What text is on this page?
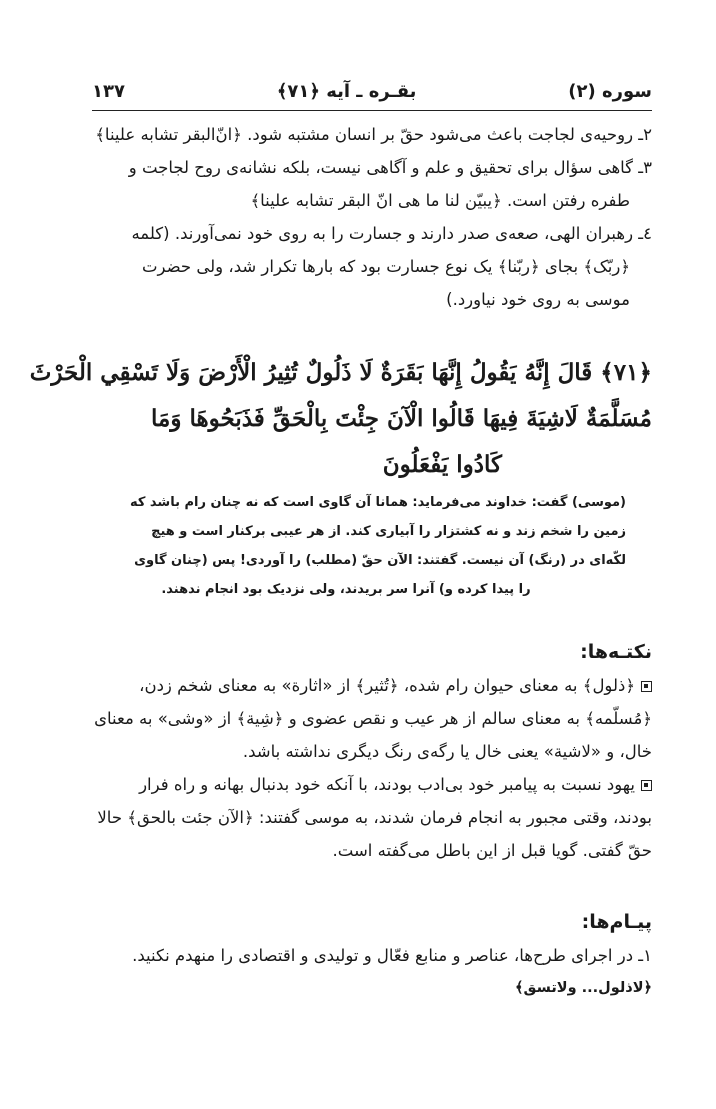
سوره (۲)
بقـره ـ آیه ﴿۷۱﴾
۱۳۷
۲ـ روحیه‌ی لجاجت باعث می‌شود حقّ بر انسان مشتبه شود. ﴿انّ‌البقر تشابه علینا﴾
۳ـ گاهی سؤال برای تحقیق و علم و آگاهی نیست، بلکه نشانه‌ی روح لجاجت و
طفره رفتن است. ﴿یبیّن لنا ما هی انّ البقر تشابه علینا﴾
٤ـ رهبران الهی، صعه‌ی صدر دارند و جسارت را به روی خود نمی‌آورند. (کلمه
﴿ربّک﴾ بجای ﴿ربّنا﴾ یک نوع جسارت بود که بارها تکرار شد، ولی حضرت
موسی به روی خود نیاورد.)
﴿۷۱﴾ قَالَ إِنَّهُ يَقُولُ إِنَّهَا بَقَرَةٌ لَا ذَلُولٌ تُثِيرُ الْأَرْضَ وَلَا تَسْقِي الْحَرْثَ
مُسَلَّمَةٌ لَاشِيَةَ فِيهَا قَالُوا الْآنَ جِئْتَ بِالْحَقِّ فَذَبَحُوهَا وَمَا
كَادُوا يَفْعَلُونَ
(موسی) گفت: خداوند می‌فرماید: همانا آن گاوی است که نه چنان رام باشد که
زمین را شخم زند و نه کشتزار را آبیاری کند. از هر عیبی برکنار است و هیچ
لکّه‌ای در (رنگ) آن نیست. گفتند: الآن حقّ (مطلب) را آوردی! پس (چنان گاوی
را پیدا کرده و) آنرا سر بریدند، ولی نزدیک بود انجام ندهند.
نکتـه‌ها:
﴿ذلول﴾ به معنای حیوان رام شده، ﴿تُثیر﴾ از «اثارة» به معنای شخم زدن،
﴿مُسلّمه﴾ به معنای سالم از هر عیب و نقص عضوی و ﴿شِیة﴾ از «وشی» به معنای
خال، و «لاشیة» یعنی خال یا رگه‌ی رنگ دیگری نداشته باشد.
یهود نسبت به پیامبر خود بی‌ادب بودند، با آنکه خود بدنبال بهانه و راه فرار
بودند، وقتی مجبور به انجام فرمان شدند، به موسی گفتند: ﴿الآن جئت بالحق﴾ حالا
حقّ گفتی. گویا قبل از این باطل می‌گفته است.
پیـام‌ها:
۱ـ در اجرای طرح‌ها، عناصر و منابع فعّال و تولیدی و اقتصادی را منهدم نکنید.
﴿لاذلول... ولاتسق﴾
